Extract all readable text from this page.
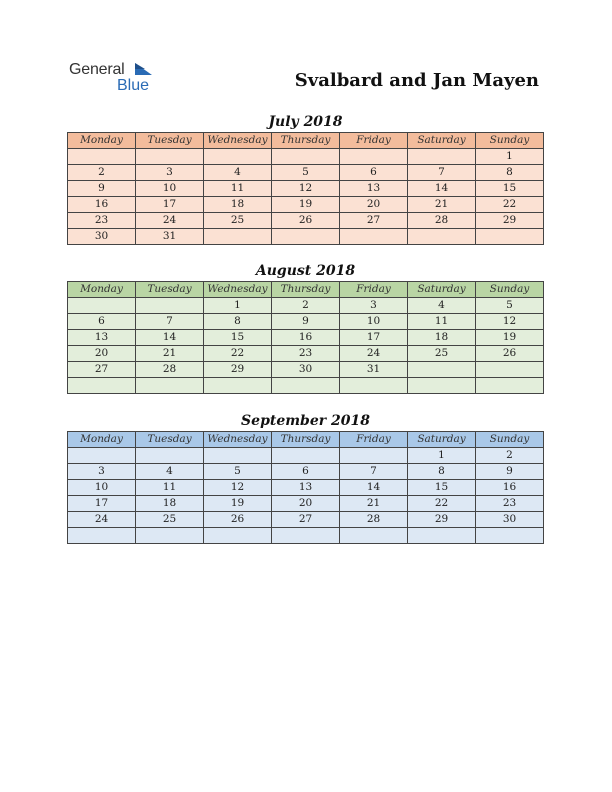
General
Blue	Svalbard and Jan Mayen
July 2018
Monday	Tuesday	Wednesday	Thursday	Friday	Saturday	Sunday
						1
2	3	4	5	6	7	8
9	10	11	12	13	14	15
16	17	18	19	20	21	22
23	24	25	26	27	28	29
30	31					
August 2018
Monday	Tuesday	Wednesday	Thursday	Friday	Saturday	Sunday
		1	2	3	4	5
6	7	8	9	10	11	12
13	14	15	16	17	18	19
20	21	22	23	24	25	26
27	28	29	30	31		

September 2018
Monday	Tuesday	Wednesday	Thursday	Friday	Saturday	Sunday
					1	2
3	4	5	6	7	8	9
10	11	12	13	14	15	16
17	18	19	20	21	22	23
24	25	26	27	28	29	30
